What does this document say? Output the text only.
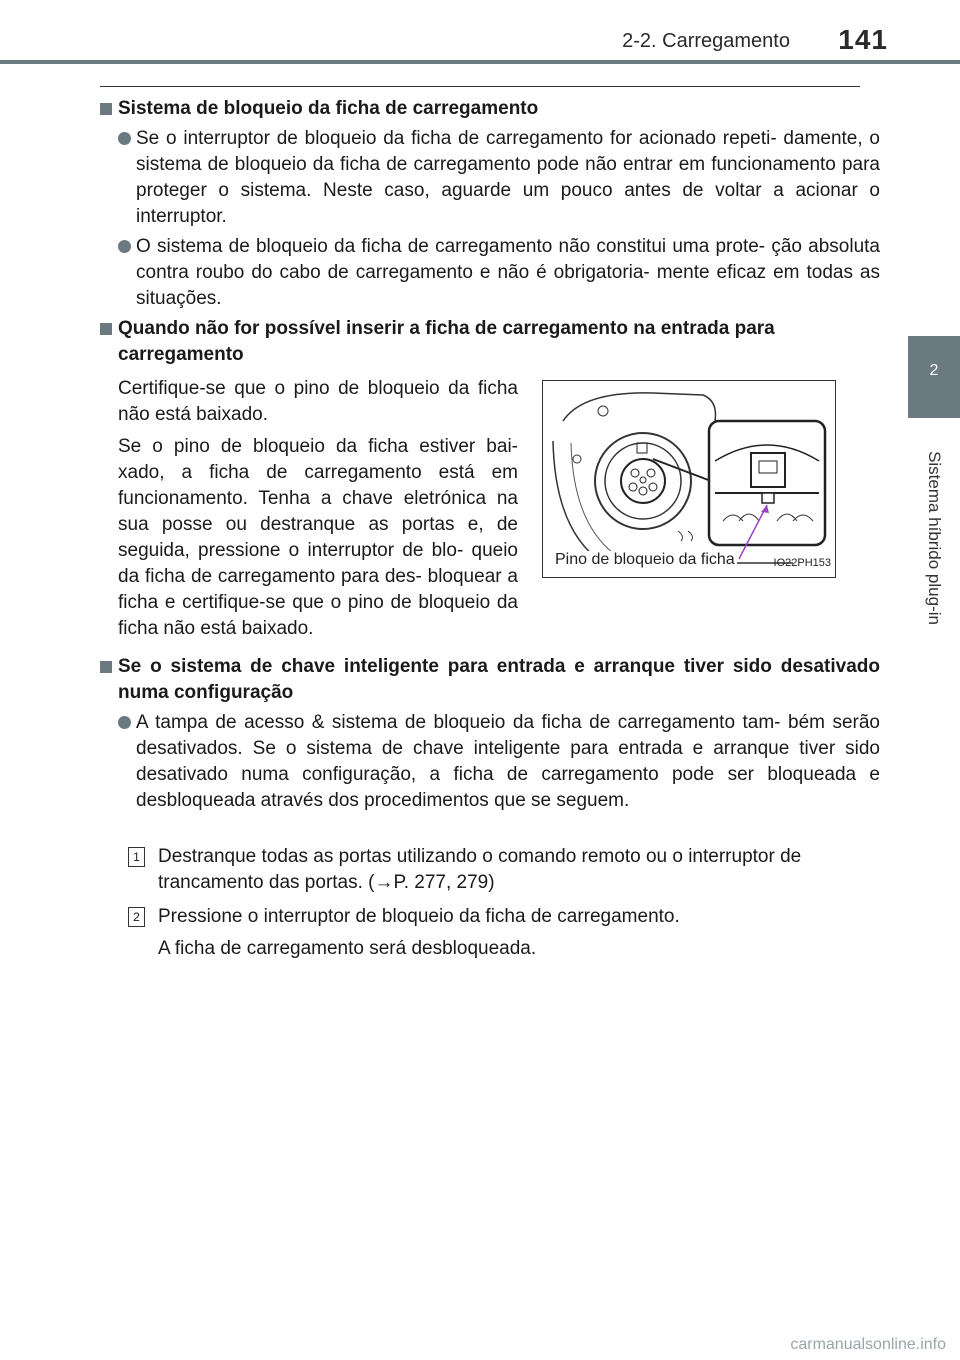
2-2. Carregamento 141
2
Sistema híbrido plug-in
Sistema de bloqueio da ficha de carregamento
Se o interruptor de bloqueio da ficha de carregamento for acionado repeti- damente, o sistema de bloqueio da ficha de carregamento pode não entrar em funcionamento para proteger o sistema. Neste caso, aguarde um pouco antes de voltar a acionar o interruptor.
O sistema de bloqueio da ficha de carregamento não constitui uma prote- ção absoluta contra roubo do cabo de carregamento e não é obrigatoria- mente eficaz em todas as situações.
Quando não for possível inserir a ficha de carregamento na entrada para carregamento
Certifique-se que o pino de bloqueio da ficha não está baixado.
Se o pino de bloqueio da ficha estiver bai- xado, a ficha de carregamento está em funcionamento. Tenha a chave eletrónica na sua posse ou destranque as portas e, de seguida, pressione o interruptor de blo- queio da ficha de carregamento para des- bloquear a ficha e certifique-se que o pino de bloqueio da ficha não está baixado.
Pino de bloqueio da ficha	IO22PH153
Se o sistema de chave inteligente para entrada e arranque tiver sido desativado numa configuração
A tampa de acesso & sistema de bloqueio da ficha de carregamento tam- bém serão desativados. Se o sistema de chave inteligente para entrada e arranque tiver sido desativado numa configuração, a ficha de carregamento pode ser bloqueada e desbloqueada através dos procedimentos que se seguem.
1 Destranque todas as portas utilizando o comando remoto ou o interruptor de trancamento das portas. (→P. 277, 279)
2 Pressione o interruptor de bloqueio da ficha de carregamento.
A ficha de carregamento será desbloqueada.
carmanualsonline.info
